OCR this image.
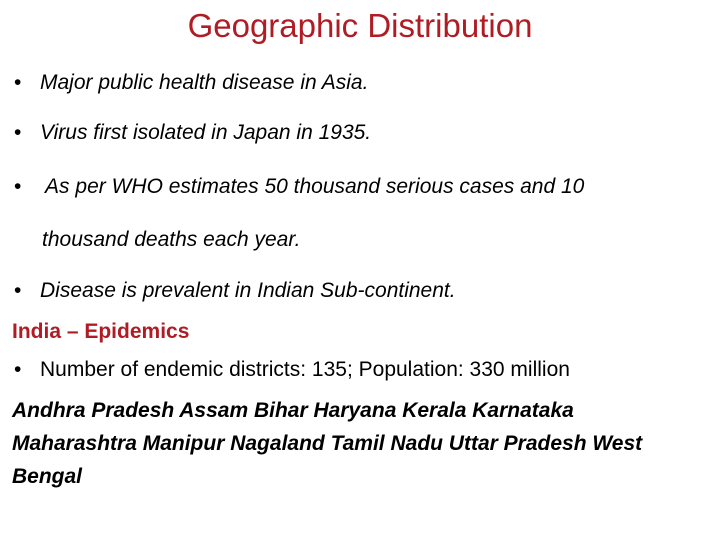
Geographic Distribution
• Major public health disease in Asia.
• Virus first isolated in Japan in 1935.
• As per WHO estimates 50 thousand serious cases and 10
thousand deaths each year.
• Disease is prevalent in Indian Sub-continent.
India – Epidemics
• Number of endemic districts: 135; Population: 330 million
Andhra Pradesh Assam Bihar Haryana Kerala Karnataka Maharashtra Manipur Nagaland Tamil Nadu Uttar Pradesh West Bengal
